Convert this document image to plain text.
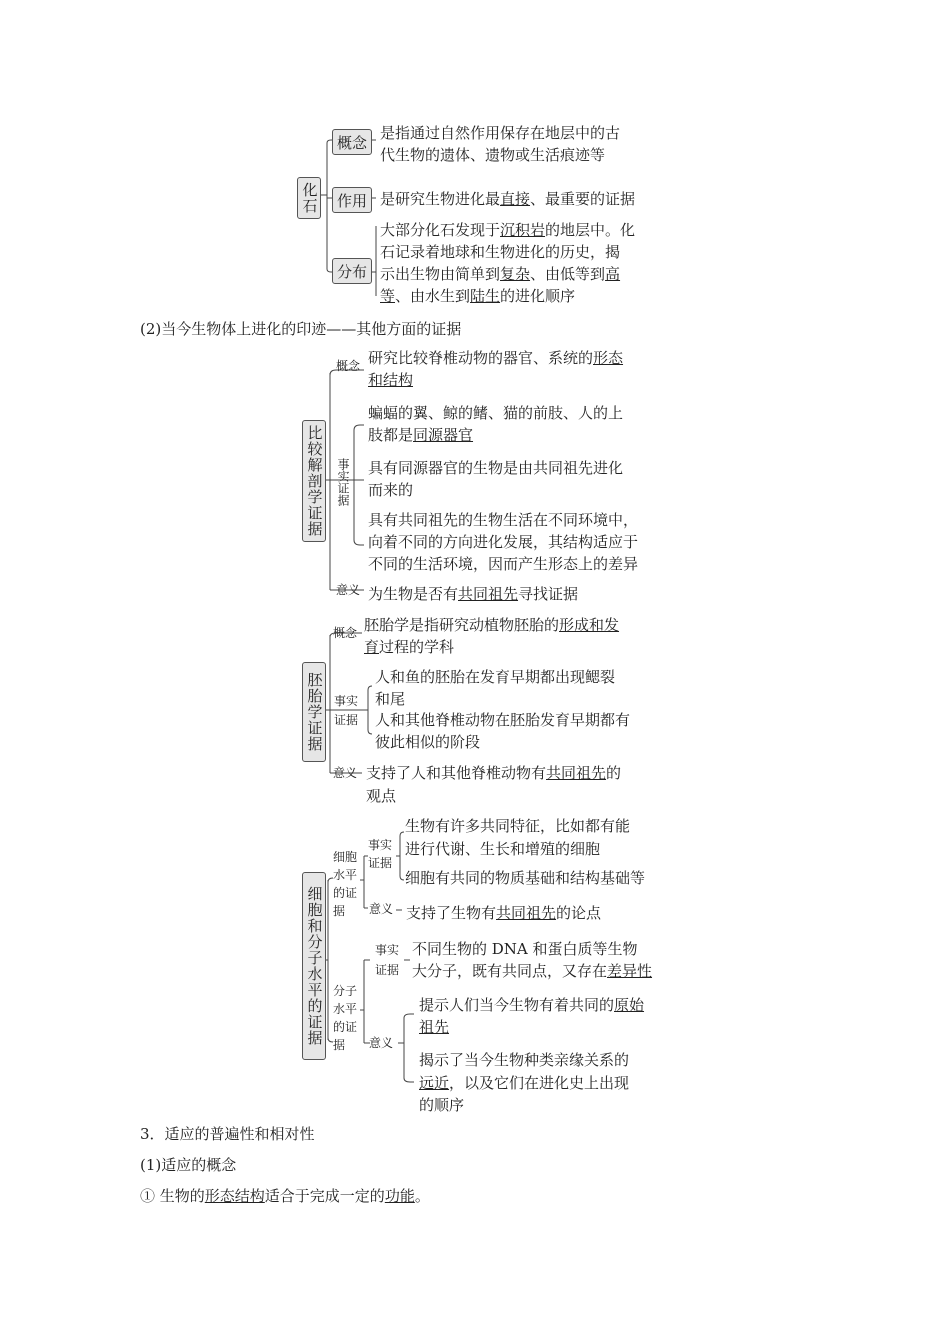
化石
概念
是指通过自然作用保存在地层中的古
代生物的遗体、遗物或生活痕迹等
作用 是研究生物进化最直接、最重要的证据
分布
大部分化石发现于沉积岩的地层中。化
石记录着地球和生物进化的历史，揭
示出生物由简单到复杂、由低等到高
等、由水生到陆生的进化顺序
(2)当今生物体上进化的印迹——其他方面的证据
比较解剖学证据
概念 研究比较脊椎动物的器官、系统的形态
和结构
事实证据
蝙蝠的翼、鲸的鳍、猫的前肢、人的上
肢都是同源器官
具有同源器官的生物是由共同祖先进化
而来的
具有共同祖先的生物生活在不同环境中，
向着不同的方向进化发展，其结构适应于
不同的生活环境，因而产生形态上的差异
意义 为生物是否有共同祖先寻找证据
胚胎学证据
概念 胚胎学是指研究动植物胚胎的形成和发
育过程的学科
事实
证据
人和鱼的胚胎在发育早期都出现鳃裂
和尾
人和其他脊椎动物在胚胎发育早期都有
彼此相似的阶段
意义 支持了人和其他脊椎动物有共同祖先的
观点
细胞和分子水平的证据
细胞
水平
的证
据
事实
证据
生物有许多共同特征，比如都有能
进行代谢、生长和增殖的细胞
细胞有共同的物质基础和结构基础等
意义 支持了生物有共同祖先的论点
分子
水平
的证
据
事实
证据
不同生物的 DNA 和蛋白质等生物
大分子，既有共同点，又存在差异性
意义
提示人们当今生物有着共同的原始
祖先
揭示了当今生物种类亲缘关系的
远近，以及它们在进化史上出现
的顺序
3．适应的普遍性和相对性
(1)适应的概念
① 生物的形态结构适合于完成一定的功能。
